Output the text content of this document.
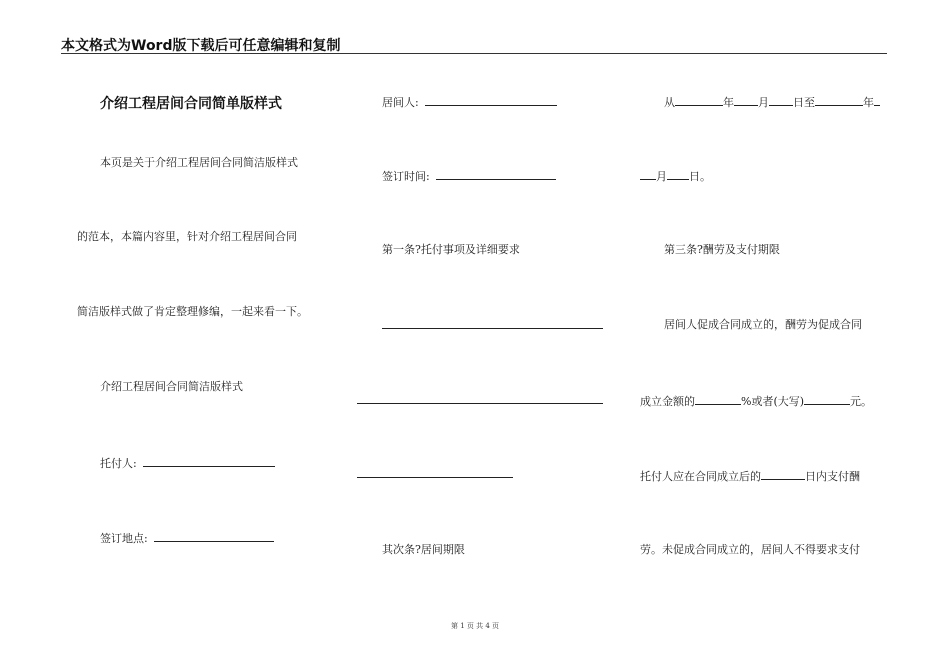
本文格式为Word版下载后可任意编辑和复制
介绍工程居间合同简单版样式
本页是关于介绍工程居间合同简洁版样式
的范本，本篇内容里，针对介绍工程居间合同
简洁版样式做了肯定整理修编，一起来看一下。
介绍工程居间合同简洁版样式
托付人:
签订地点:
居间人:
签订时间:
第一条?托付事项及详细要求
其次条?居间期限
从	年 月 日至	年
月 日。
第三条?酬劳及支付期限
居间人促成合同成立的，酬劳为促成合同
成立金额的	%或者(大写)	元。
托付人应在合同成立后的	日内支付酬
劳。未促成合同成立的，居间人不得要求支付
第 1 页 共 4 页
